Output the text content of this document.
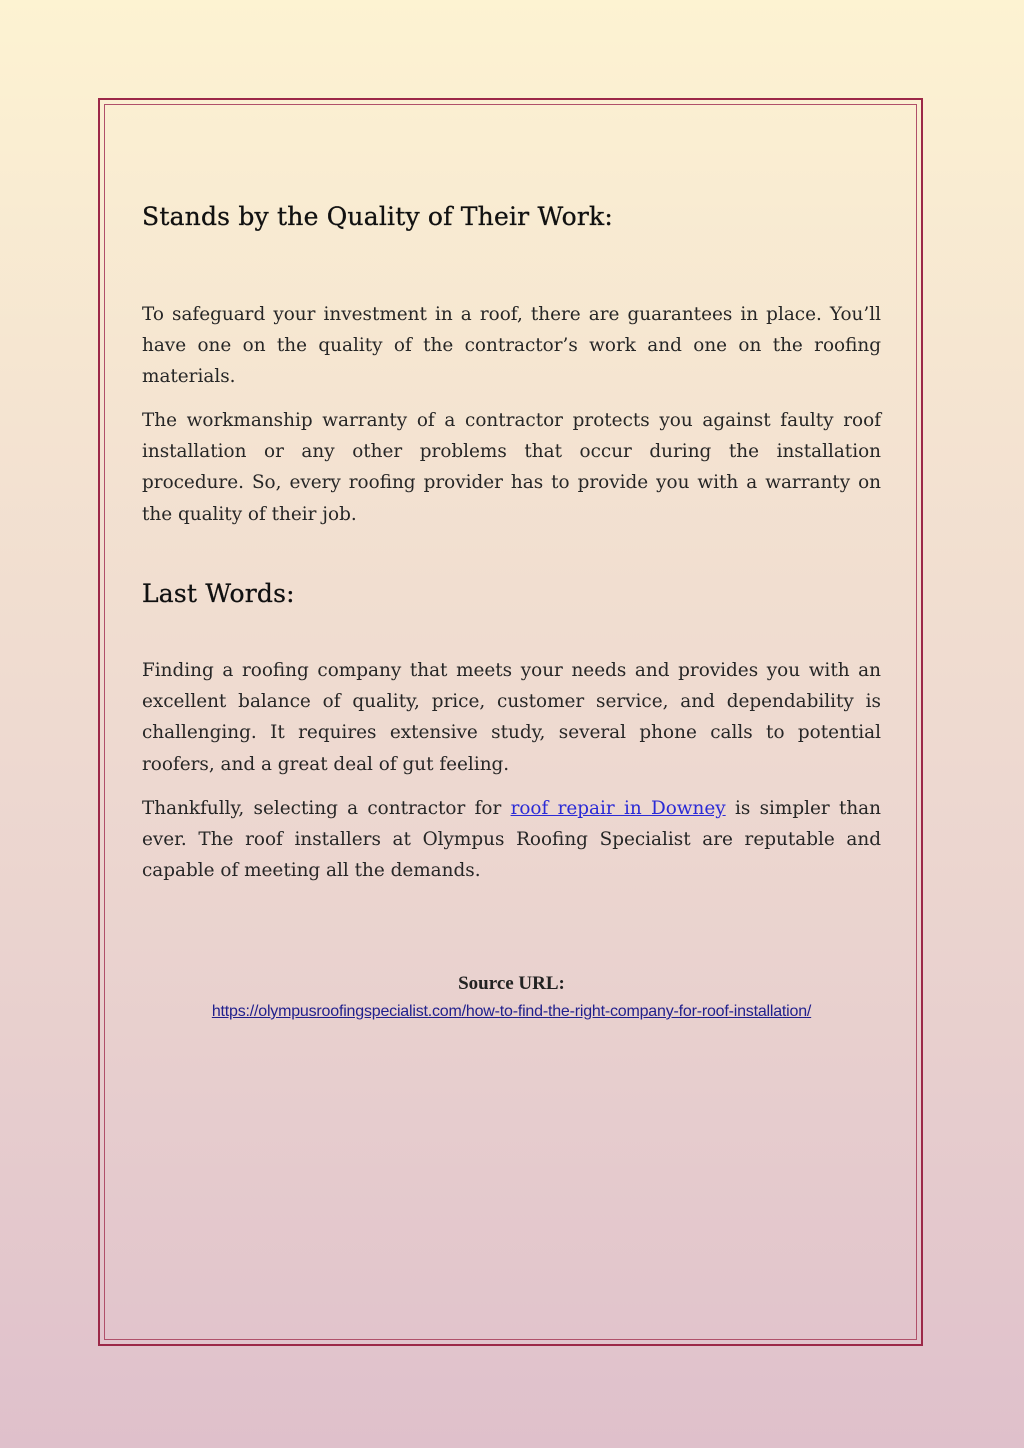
Stands by the Quality of Their Work:

To safeguard your investment in a roof, there are guarantees in place. You’ll have one on the quality of the contractor’s work and one on the roofing materials.

The workmanship warranty of a contractor protects you against faulty roof installation or any other problems that occur during the installation procedure. So, every roofing provider has to provide you with a warranty on the quality of their job.

Last Words:

Finding a roofing company that meets your needs and provides you with an excellent balance of quality, price, customer service, and dependability is challenging. It requires extensive study, several phone calls to potential roofers, and a great deal of gut feeling.

Thankfully, selecting a contractor for roof repair in Downey is simpler than ever. The roof installers at Olympus Roofing Specialist are reputable and capable of meeting all the demands.

Source URL:
https://olympusroofingspecialist.com/how-to-find-the-right-company-for-roof-installation/
